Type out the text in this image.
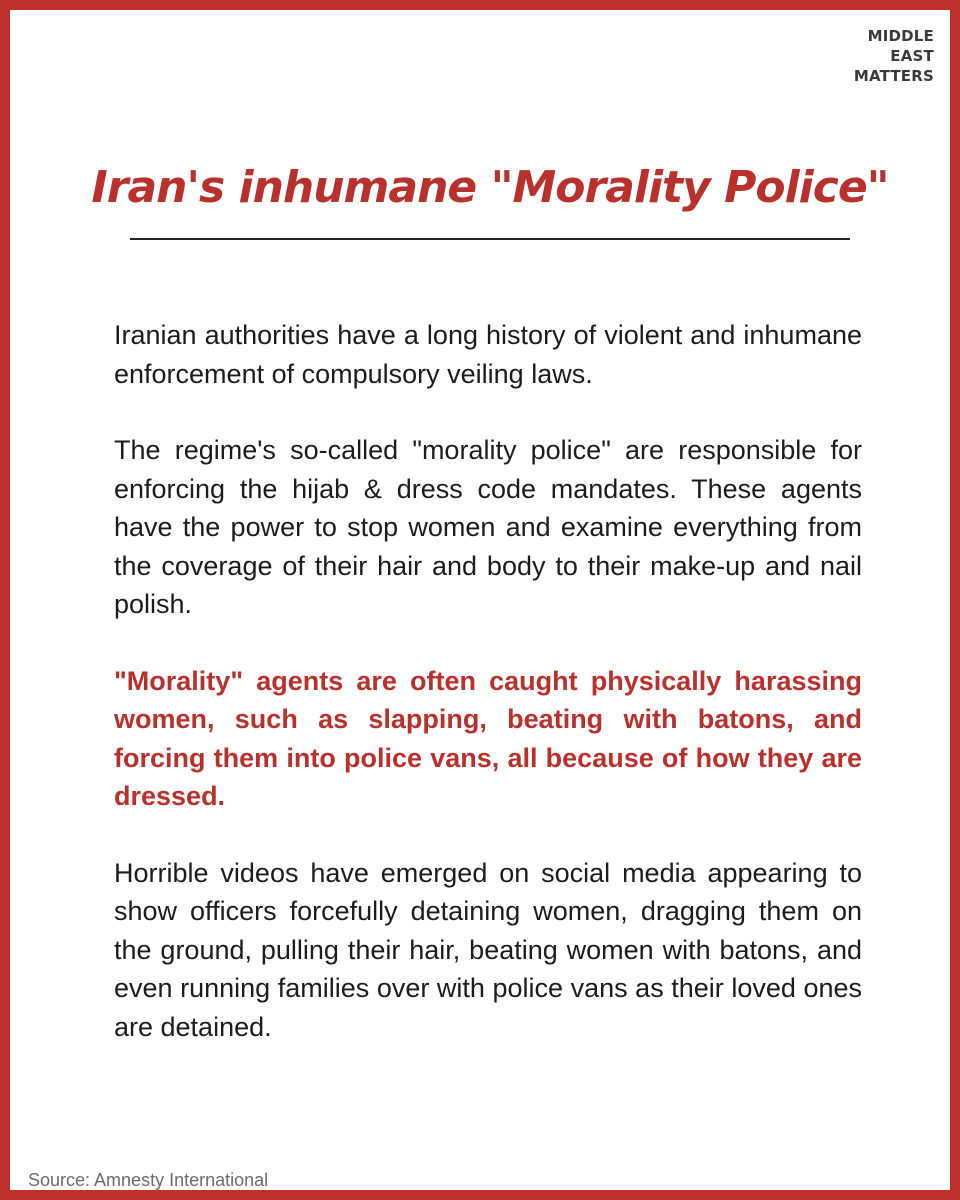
MIDDLE
EAST
MATTERS
Iran's inhumane "Morality Police"

Iranian authorities have a long history of violent and inhumane enforcement of compulsory veiling laws.

The regime's so-called "morality police" are responsible for enforcing the hijab & dress code mandates. These agents have the power to stop women and examine everything from the coverage of their hair and body to their make-up and nail polish.

"Morality" agents are often caught physically harassing women, such as slapping, beating with batons, and forcing them into police vans, all because of how they are dressed.

Horrible videos have emerged on social media appearing to show officers forcefully detaining women, dragging them on the ground, pulling their hair, beating women with batons, and even running families over with police vans as their loved ones are detained.

Source: Amnesty International
